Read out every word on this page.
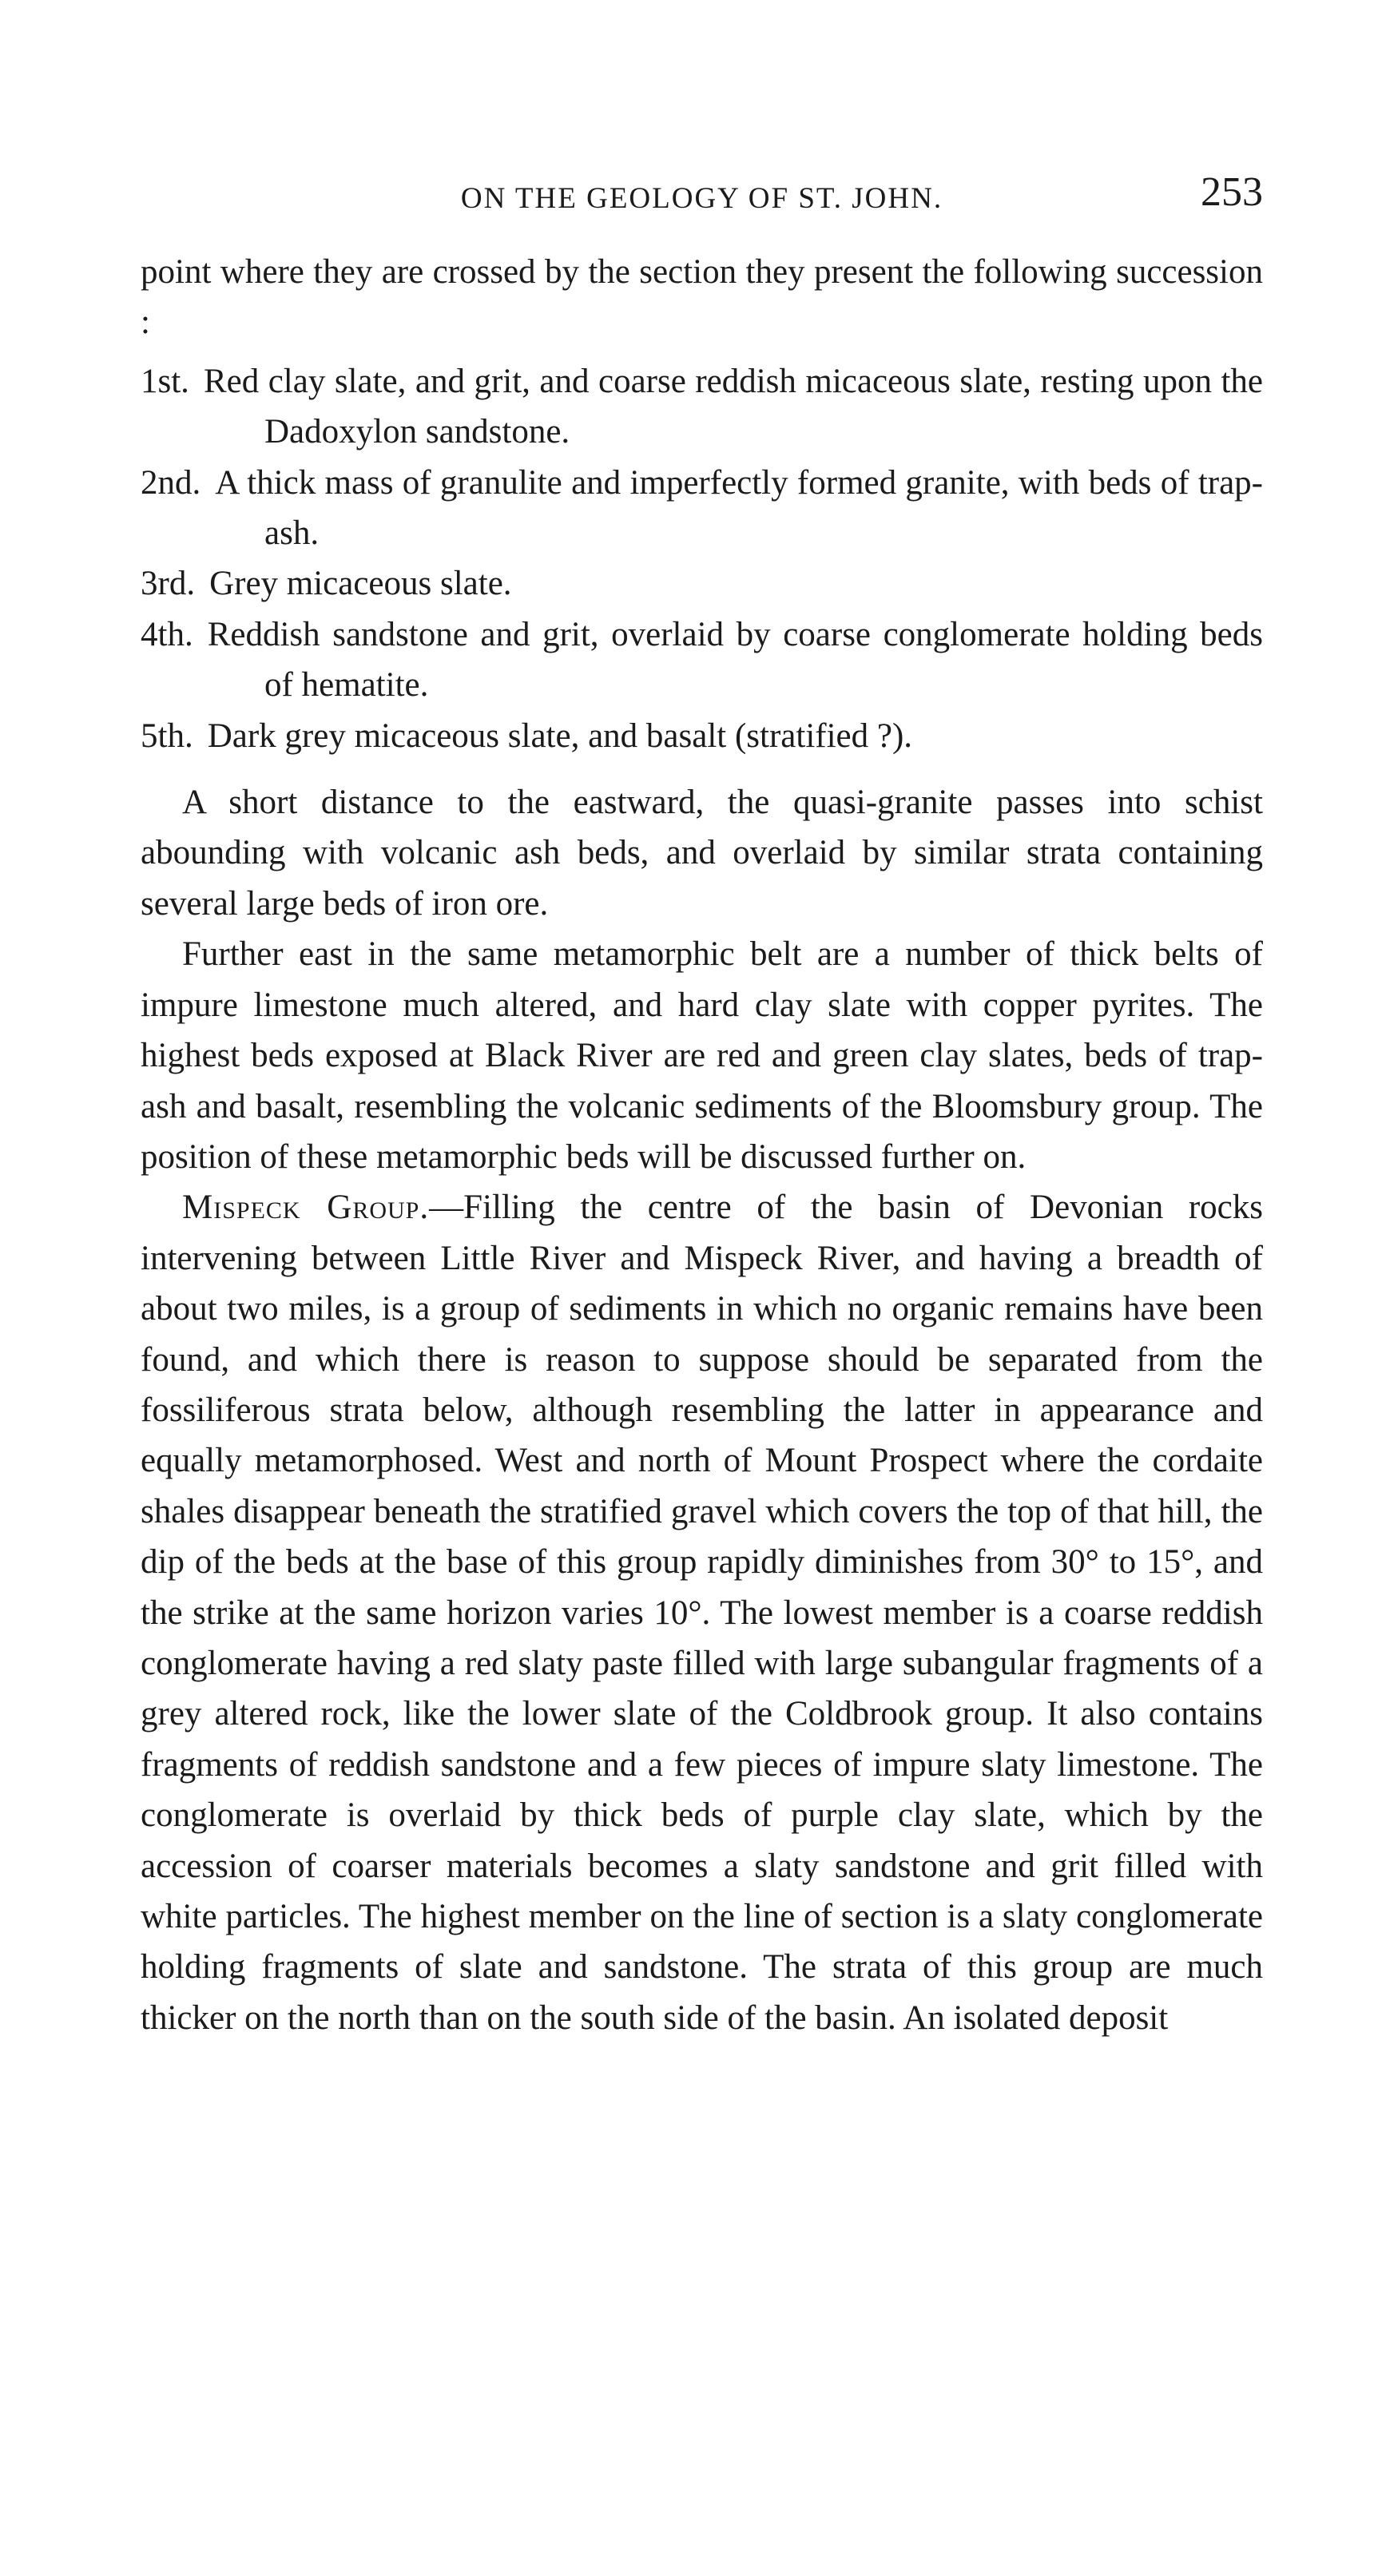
ON THE GEOLOGY OF ST. JOHN.	253

point where they are crossed by the section they present the following succession :

1st. Red clay slate, and grit, and coarse reddish micaceous slate, resting upon the Dadoxylon sandstone.
2nd. A thick mass of granulite and imperfectly formed granite, with beds of trap-ash.
3rd. Grey micaceous slate.
4th. Reddish sandstone and grit, overlaid by coarse conglomerate holding beds of hematite.
5th. Dark grey micaceous slate, and basalt (stratified ?).

A short distance to the eastward, the quasi-granite passes into schist abounding with volcanic ash beds, and overlaid by similar strata containing several large beds of iron ore.

Further east in the same metamorphic belt are a number of thick belts of impure limestone much altered, and hard clay slate with copper pyrites. The highest beds exposed at Black River are red and green clay slates, beds of trap-ash and basalt, resembling the volcanic sediments of the Bloomsbury group. The position of these metamorphic beds will be discussed further on.

Mispeck Group.—Filling the centre of the basin of Devonian rocks intervening between Little River and Mispeck River, and having a breadth of about two miles, is a group of sediments in which no organic remains have been found, and which there is reason to suppose should be separated from the fossiliferous strata below, although resembling the latter in appearance and equally metamorphosed. West and north of Mount Prospect where the cordaite shales disappear beneath the stratified gravel which covers the top of that hill, the dip of the beds at the base of this group rapidly diminishes from 30° to 15°, and the strike at the same horizon varies 10°. The lowest member is a coarse reddish conglomerate having a red slaty paste filled with large subangular fragments of a grey altered rock, like the lower slate of the Coldbrook group. It also contains fragments of reddish sandstone and a few pieces of impure slaty limestone. The conglomerate is overlaid by thick beds of purple clay slate, which by the accession of coarser materials becomes a slaty sandstone and grit filled with white particles. The highest member on the line of section is a slaty conglomerate holding fragments of slate and sandstone. The strata of this group are much thicker on the north than on the south side of the basin. An isolated deposit
